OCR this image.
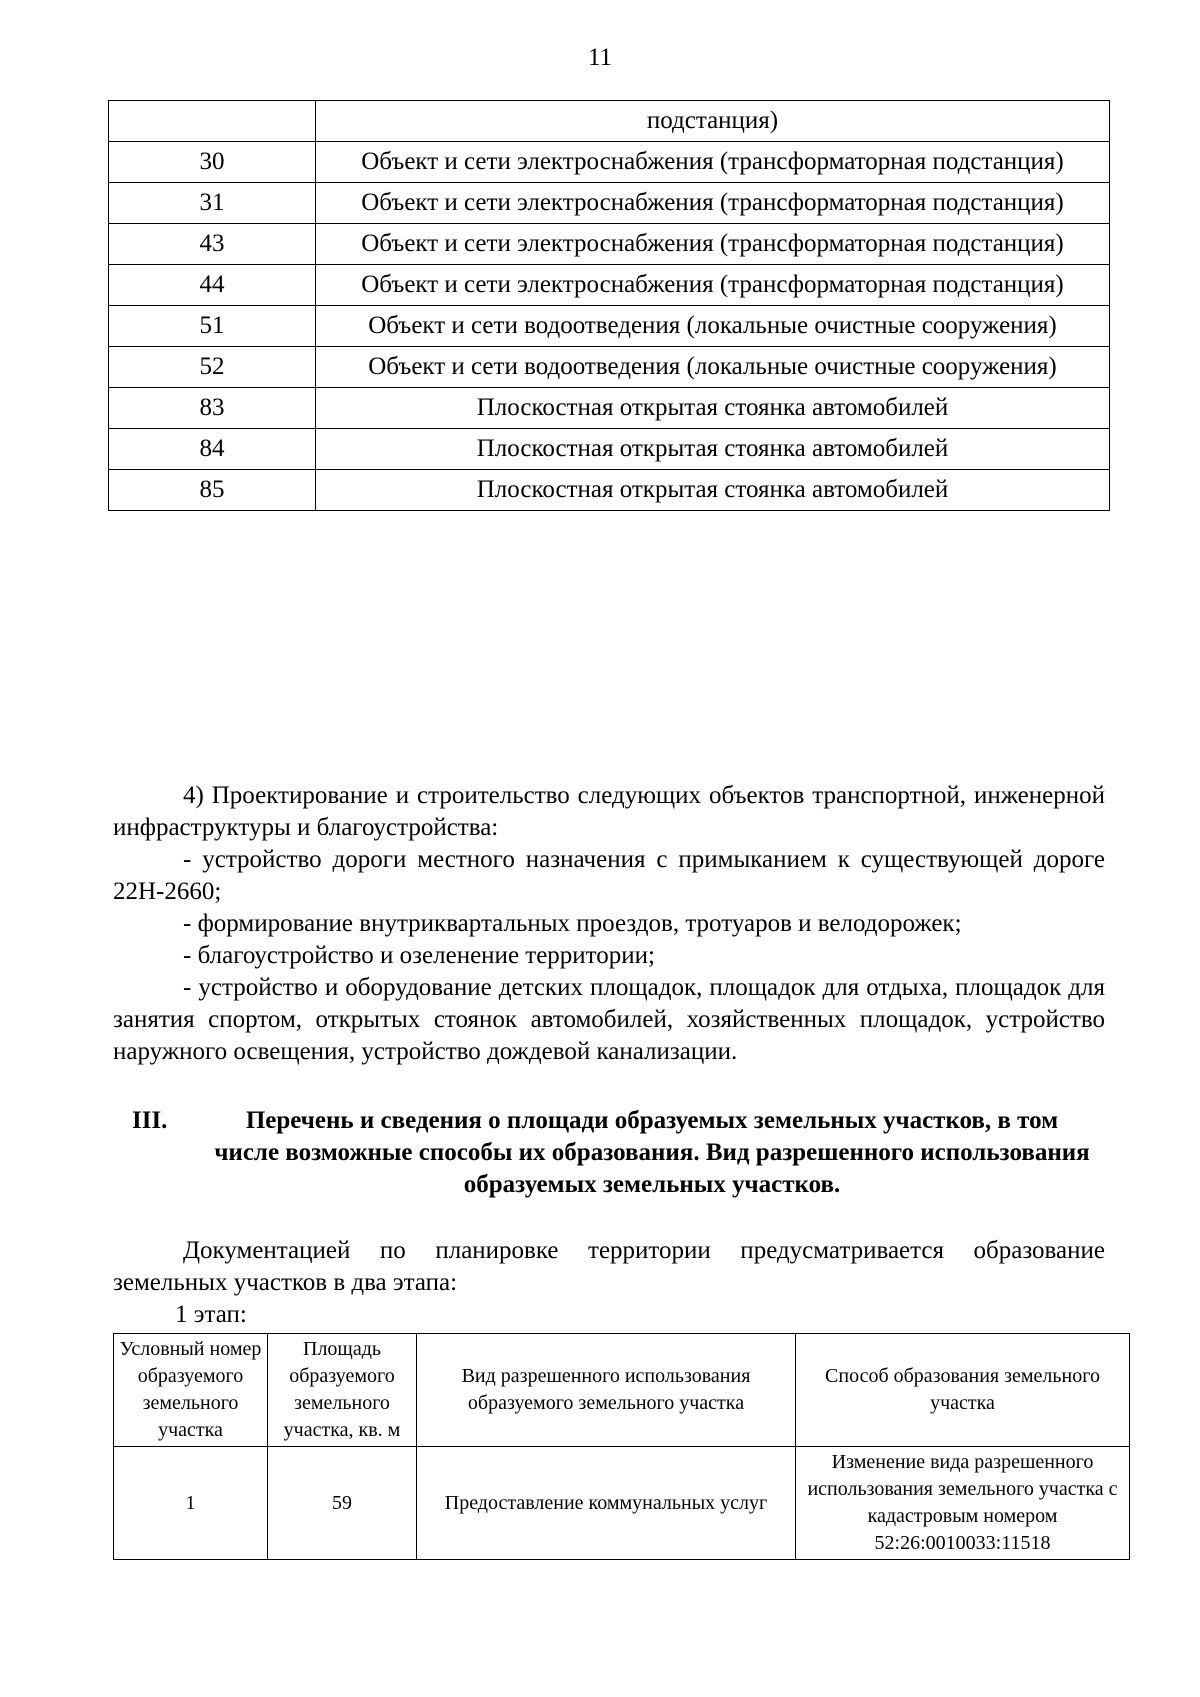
11
	подстанция)
30	Объект и сети электроснабжения (трансформаторная подстанция)
31	Объект и сети электроснабжения (трансформаторная подстанция)
43	Объект и сети электроснабжения (трансформаторная подстанция)
44	Объект и сети электроснабжения (трансформаторная подстанция)
51	Объект и сети водоотведения (локальные очистные сооружения)
52	Объект и сети водоотведения (локальные очистные сооружения)
83	Плоскостная открытая стоянка автомобилей
84	Плоскостная открытая стоянка автомобилей
85	Плоскостная открытая стоянка автомобилей

4) Проектирование и строительство следующих объектов транспортной, инженерной инфраструктуры и благоустройства:

- устройство дороги местного назначения с примыканием к существующей дороге 22Н-2660;

- формирование внутриквартальных проездов, тротуаров и велодорожек;

- благоустройство и озеленение территории;

- устройство и оборудование детских площадок, площадок для отдыха, площадок для занятия спортом, открытых стоянок автомобилей, хозяйственных площадок, устройство наружного освещения, устройство дождевой канализации.

III.	Перечень и сведения о площади образуемых земельных участков, в том числе возможные способы их образования. Вид разрешенного использования образуемых земельных участков.

Документацией по планировке территории предусматривается образование земельных участков в два этапа:

1 этап:
Условный номер образуемого земельного участка	Площадь образуемого земельного участка, кв. м	Вид разрешенного использования образуемого земельного участка	Способ образования земельного участка
1	59	Предоставление коммунальных услуг	Изменение вида разрешенного использования земельного участка с кадастровым номером 52:26:0010033:11518
